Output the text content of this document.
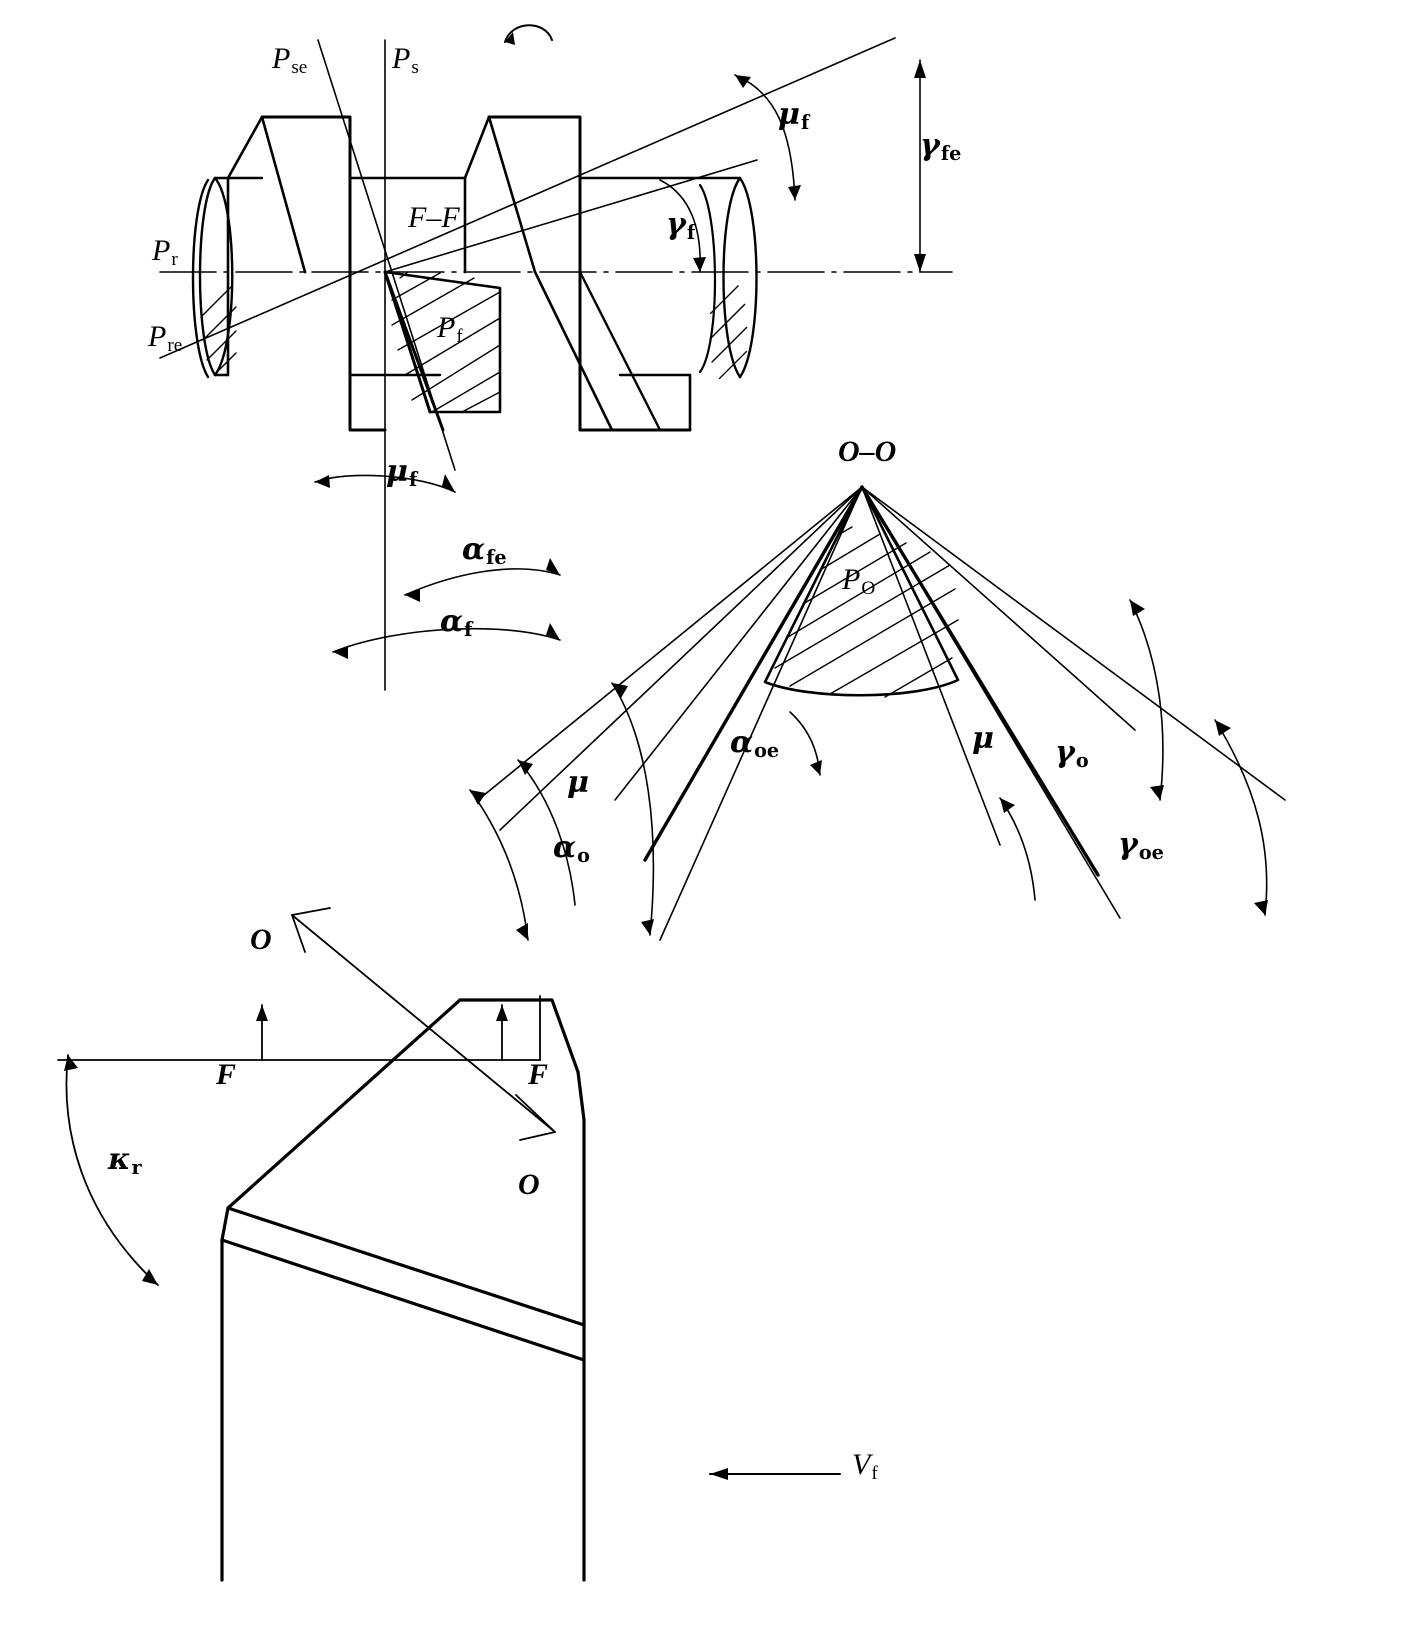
$P_{se}$	$P_s$
$P_r$
$P_{re}$
$P_f$
F–F
$\mu_f$
$\gamma_{fe}$
$\gamma_f$
$\mu_f$
$\alpha_{fe}$
$\alpha_f$
O–O
$P_O$
$\alpha_{oe}$
μ
$\alpha_o$
μ $\gamma_o$
$\gamma_{oe}$
O
O
F	F
$\kappa_r$
$V_f$
